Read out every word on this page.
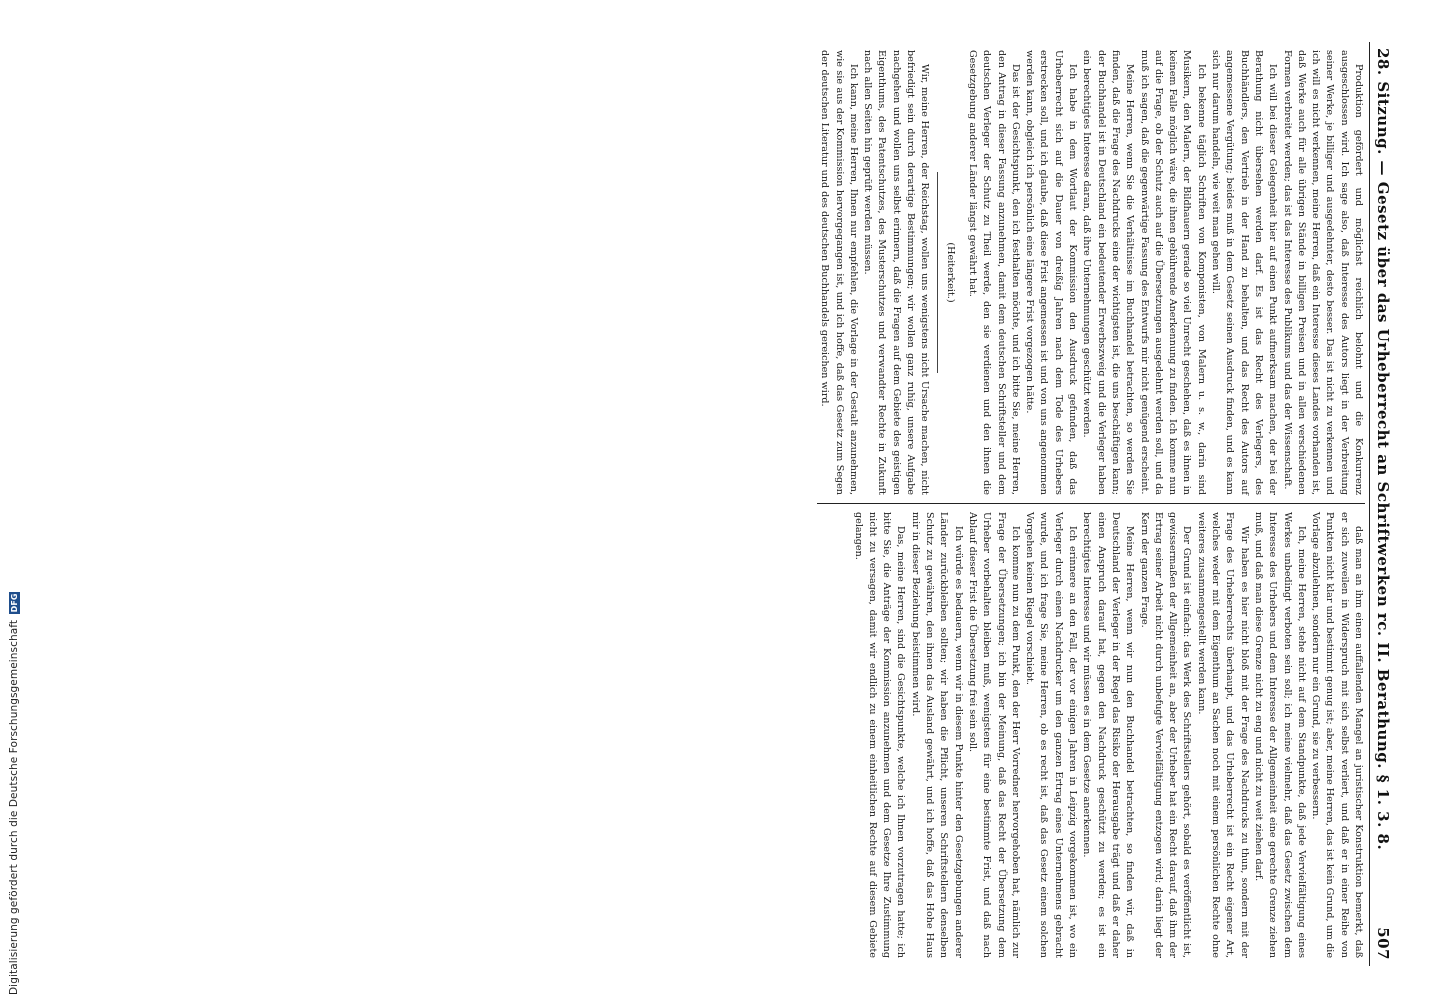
Digitalisierung gefördert durch die Deutsche Forschungsgemeinschaft
DFG	28. Sitzung. — Gesetz über das Urheberrecht an Schriftwerken rc. II. Berathung. § 1. 3. 8.
507

Produktion gefördert und möglichst reichlich belohnt und die Konkurrenz ausgeschlossen wird. Ich sage also, daß Interesse des Autors liegt in der Verbreitung seiner Werke, je billiger und ausgedehnter, desto besser. Das ist nicht zu verkennen und ich will es nicht verkennen, meine Herren, daß ein Interesse dieses Landes vorhanden ist, daß Werke auch für alle übrigen Stände in billigen Preisen und in allen verschiedenen Formen verbreitet werden; das ist das Interesse des Publikums und das der Wissenschaft.

Ich will bei dieser Gelegenheit hier auf einen Punkt aufmerksam machen, der bei der Berathung nicht übersehen werden darf. Es ist das Recht des Verlegers, des Buchhändlers, den Vertrieb in der Hand zu behalten, und das Recht des Autors auf angemessene Vergütung; beides muß in dem Gesetz seinen Ausdruck finden, und es kann sich nur darum handeln, wie weit man gehen will.

Ich bekenne täglich Schriften von Komponisten, von Malern u. s. w., darin sind Musikern, den Malern, der Bildhauern gerade so viel Unrecht geschehen, daß es ihnen in keinem Falle möglich wäre, die ihnen gebührende Anerkennung zu finden. Ich komme nun auf die Frage, ob der Schutz auch auf die Übersetzungen ausgedehnt werden soll, und da muß ich sagen, daß die gegenwärtige Fassung des Entwurfs mir nicht genügend erscheint.

Meine Herren, wenn Sie die Verhältnisse im Buchhandel betrachten, so werden Sie finden, daß die Frage des Nachdrucks eine der wichtigsten ist, die uns beschäftigen kann; der Buchhandel ist in Deutschland ein bedeutender Erwerbszweig und die Verleger haben ein berechtigtes Interesse daran, daß ihre Unternehmungen geschützt werden.

Ich habe in dem Wortlaut der Kommission den Ausdruck gefunden, daß das Urheberrecht sich auf die Dauer von dreißig Jahren nach dem Tode des Urhebers erstrecken soll, und ich glaube, daß diese Frist angemessen ist und von uns angenommen werden kann, obgleich ich persönlich eine längere Frist vorgezogen hätte.

Das ist der Gesichtspunkt, den ich festhalten möchte, und ich bitte Sie, meine Herren, den Antrag in dieser Fassung anzunehmen, damit dem deutschen Schriftsteller und dem deutschen Verleger der Schutz zu Theil werde, den sie verdienen und den ihnen die Gesetzgebung anderer Länder längst gewährt hat.

(Heiterkeit.)

Wir, meine Herren, der Reichstag, wollen uns wenigstens nicht Ursache machen, nicht befriedigt sein durch derartige Bestimmungen; wir wollen ganz ruhig, unsere Aufgabe nachgehen und wollen uns selbst erinnern, daß die Fragen auf dem Gebiete des geistigen Eigenthums, des Patentschutzes, des Musterschutzes und verwandter Rechte in Zukunft nach allen Seiten hin geprüft werden müssen.

Ich kann, meine Herren, Ihnen nur empfehlen, die Vorlage in der Gestalt anzunehmen, wie sie aus der Kommission hervorgegangen ist, und ich hoffe, daß das Gesetz zum Segen der deutschen Literatur und des deutschen Buchhandels gereichen wird.

daß man an ihm einen auffallenden Mangel an juristischer Konstruktion bemerkt, daß er sich zuweilen in Widerspruch mit sich selbst verliert, und daß er in einer Reihe von Punkten nicht klar und bestimmt genug ist; aber, meine Herren, das ist kein Grund, um die Vorlage abzulehnen, sondern nur ein Grund, sie zu verbessern.

Ich, meine Herren, stehe nicht auf dem Standpunkte, daß jede Vervielfältigung eines Werkes unbedingt verboten sein soll; ich meine vielmehr, daß das Gesetz zwischen dem Interesse des Urhebers und dem Interesse der Allgemeinheit eine gerechte Grenze ziehen muß, und daß man diese Grenze nicht zu eng und nicht zu weit ziehen darf.

Wir haben es hier nicht bloß mit der Frage des Nachdrucks zu thun, sondern mit der Frage des Urheberrechts überhaupt, und das Urheberrecht ist ein Recht eigener Art, welches weder mit dem Eigenthum an Sachen noch mit einem persönlichen Rechte ohne weiteres zusammengestellt werden kann.

Der Grund ist einfach: das Werk des Schriftstellers gehört, sobald es veröffentlicht ist, gewissermaßen der Allgemeinheit an, aber der Urheber hat ein Recht darauf, daß ihm der Ertrag seiner Arbeit nicht durch unbefugte Vervielfältigung entzogen wird; darin liegt der Kern der ganzen Frage.

Meine Herren, wenn wir nun den Buchhandel betrachten, so finden wir, daß in Deutschland der Verleger in der Regel das Risiko der Herausgabe trägt und daß er daher einen Anspruch darauf hat, gegen den Nachdruck geschützt zu werden; es ist ein berechtigtes Interesse und wir müssen es in dem Gesetze anerkennen.

Ich erinnere an den Fall, der vor einigen Jahren in Leipzig vorgekommen ist, wo ein Verleger durch einen Nachdrucker um den ganzen Ertrag eines Unternehmens gebracht wurde, und ich frage Sie, meine Herren, ob es recht ist, daß das Gesetz einem solchen Vorgehen keinen Riegel vorschiebt.

Ich komme nun zu dem Punkt, den der Herr Vorredner hervorgehoben hat, nämlich zur Frage der Übersetzungen; ich bin der Meinung, daß das Recht der Übersetzung dem Urheber vorbehalten bleiben muß, wenigstens für eine bestimmte Frist, und daß nach Ablauf dieser Frist die Übersetzung frei sein soll.

Ich würde es bedauern, wenn wir in diesem Punkte hinter den Gesetzgebungen anderer Länder zurückbleiben sollten; wir haben die Pflicht, unseren Schriftstellern denselben Schutz zu gewähren, den ihnen das Ausland gewährt, und ich hoffe, daß das Hohe Haus mir in dieser Beziehung beistimmen wird.

Das, meine Herren, sind die Gesichtspunkte, welche ich Ihnen vorzutragen hatte; ich bitte Sie, die Anträge der Kommission anzunehmen und dem Gesetze Ihre Zustimmung nicht zu versagen, damit wir endlich zu einem einheitlichen Rechte auf diesem Gebiete gelangen.
